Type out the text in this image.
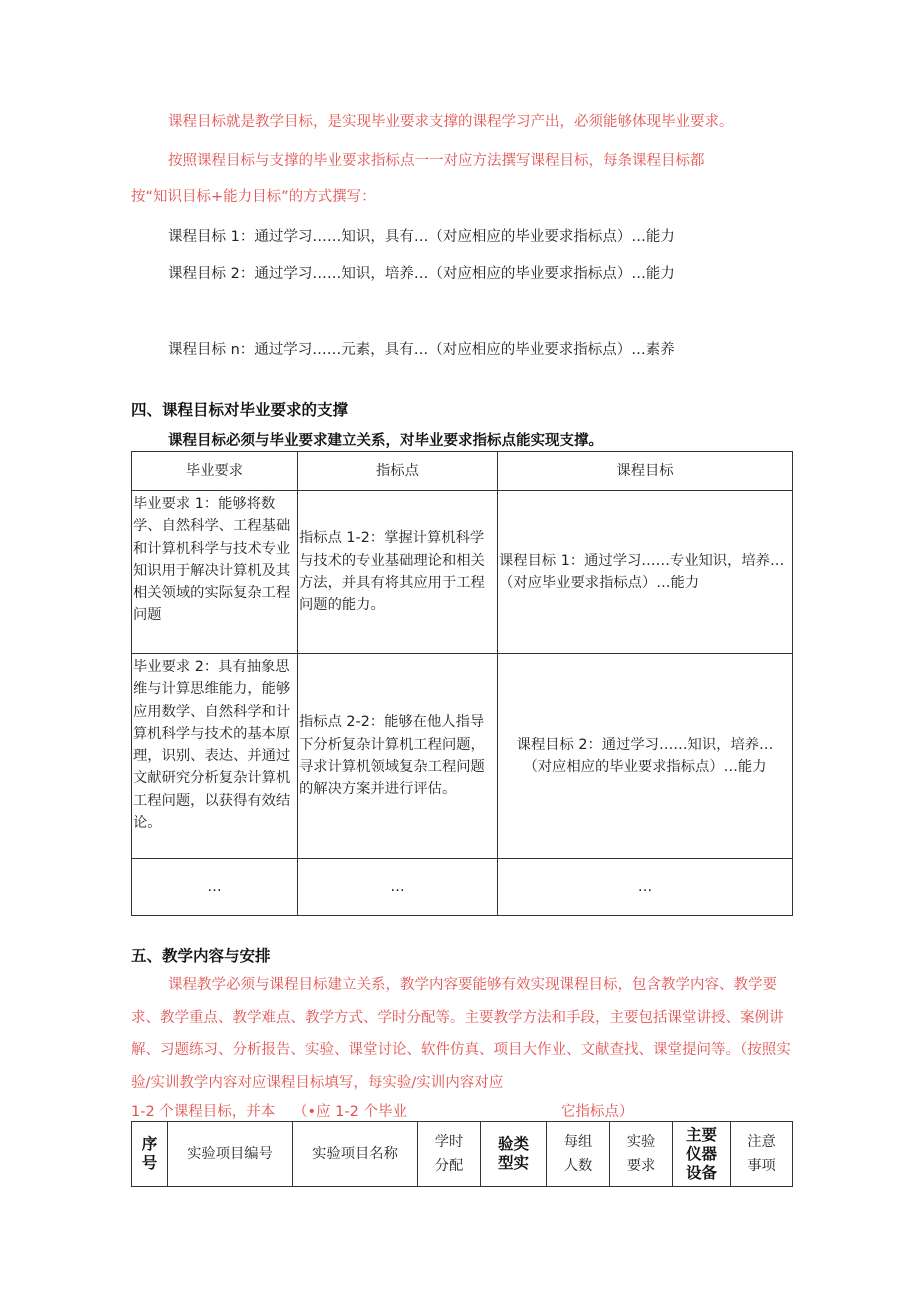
课程目标就是教学目标，是实现毕业要求支撑的课程学习产出，必须能够体现毕业要求。
按照课程目标与支撑的毕业要求指标点一一对应方法撰写课程目标，每条课程目标都
按“知识目标+能力目标”的方式撰写：
课程目标 1：通过学习……知识，具有…（对应相应的毕业要求指标点）…能力
课程目标 2：通过学习……知识，培养…（对应相应的毕业要求指标点）…能力
课程目标 n：通过学习……元素，具有…（对应相应的毕业要求指标点）…素养
四、课程目标对毕业要求的支撑
课程目标必须与毕业要求建立关系，对毕业要求指标点能实现支撑。
毕业要求	指标点	课程目标
毕业要求 1：能够将数学、自然科学、工程基础和计算机科学与技术专业知识用于解决计算机及其相关领域的实际复杂工程问题	指标点 1-2：掌握计算机科学与技术的专业基础理论和相关方法，并具有将其应用于工程问题的能力。	课程目标 1：通过学习……专业知识，培养…（对应毕业要求指标点）…能力
毕业要求 2：具有抽象思维与计算思维能力，能够应用数学、自然科学和计算机科学与技术的基本原理，识别、表达、并通过文献研究分析复杂计算机工程问题，以获得有效结论。	指标点 2-2：能够在他人指导下分析复杂计算机工程问题，寻求计算机领域复杂工程问题的解决方案并进行评估。	课程目标 2：通过学习……知识，培养…（对应相应的毕业要求指标点）…能力
…	…	…
五、教学内容与安排
课程教学必须与课程目标建立关系，教学内容要能够有效实现课程目标，包含教学内容、教学要求、教学重点、教学难点、教学方式、学时分配等。主要教学方法和手段，主要包括课堂讲授、案例讲解、习题练习、分析报告、实验、课堂讨论、软件仿真、项目大作业、文献查找、课堂提问等。（按照实验/实训教学内容对应课程目标填写，每实验/实训内容对应
1-2 个课程目标，并本 （•应 1-2 个毕业	它指标点）
序号	实验项目编号	实验项目名称	学时分配	验类型实	每组人数	实验要求	主要仪器设备	注意事项
